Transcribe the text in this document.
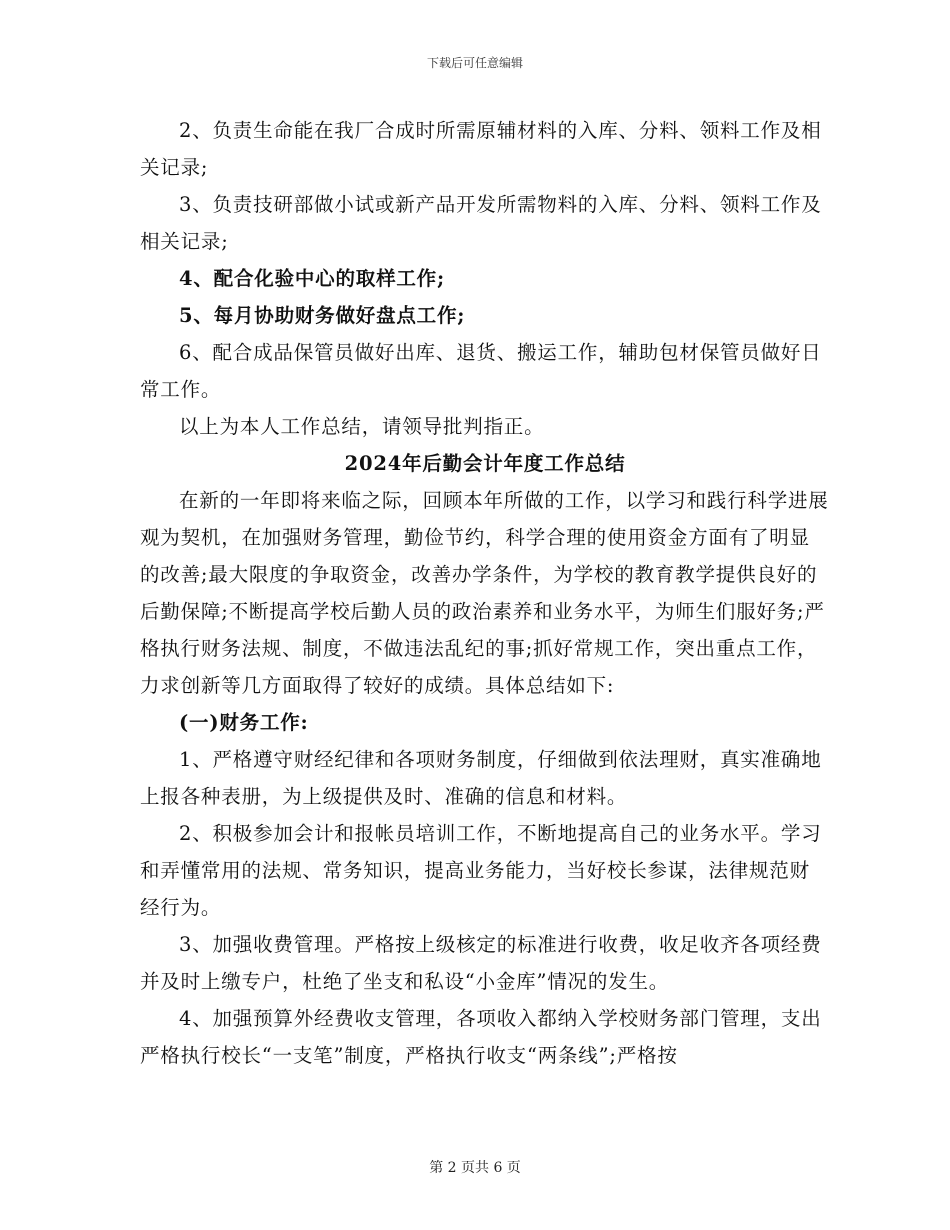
下载后可任意编辑

2、负责生命能在我厂合成时所需原辅材料的入库、分料、领料工作及相关记录;

3、负责技研部做小试或新产品开发所需物料的入库、分料、领料工作及相关记录;

4、配合化验中心的取样工作;

5、每月协助财务做好盘点工作;

6、配合成品保管员做好出库、退货、搬运工作，辅助包材保管员做好日常工作。

以上为本人工作总结，请领导批判指正。

2024年后勤会计年度工作总结

在新的一年即将来临之际，回顾本年所做的工作，以学习和践行科学进展观为契机，在加强财务管理，勤俭节约，科学合理的使用资金方面有了明显的改善;最大限度的争取资金，改善办学条件，为学校的教育教学提供良好的后勤保障;不断提高学校后勤人员的政治素养和业务水平，为师生们服好务;严格执行财务法规、制度，不做违法乱纪的事;抓好常规工作，突出重点工作，力求创新等几方面取得了较好的成绩。具体总结如下:

(一)财务工作:

1、严格遵守财经纪律和各项财务制度，仔细做到依法理财，真实准确地上报各种表册，为上级提供及时、准确的信息和材料。

2、积极参加会计和报帐员培训工作，不断地提高自己的业务水平。学习和弄懂常用的法规、常务知识，提高业务能力，当好校长参谋，法律规范财经行为。

3、加强收费管理。严格按上级核定的标准进行收费，收足收齐各项经费并及时上缴专户，杜绝了坐支和私设“小金库”情况的发生。

4、加强预算外经费收支管理，各项收入都纳入学校财务部门管理，支出严格执行校长“一支笔”制度，严格执行收支“两条线”;严格按

第 2 页共 6 页
